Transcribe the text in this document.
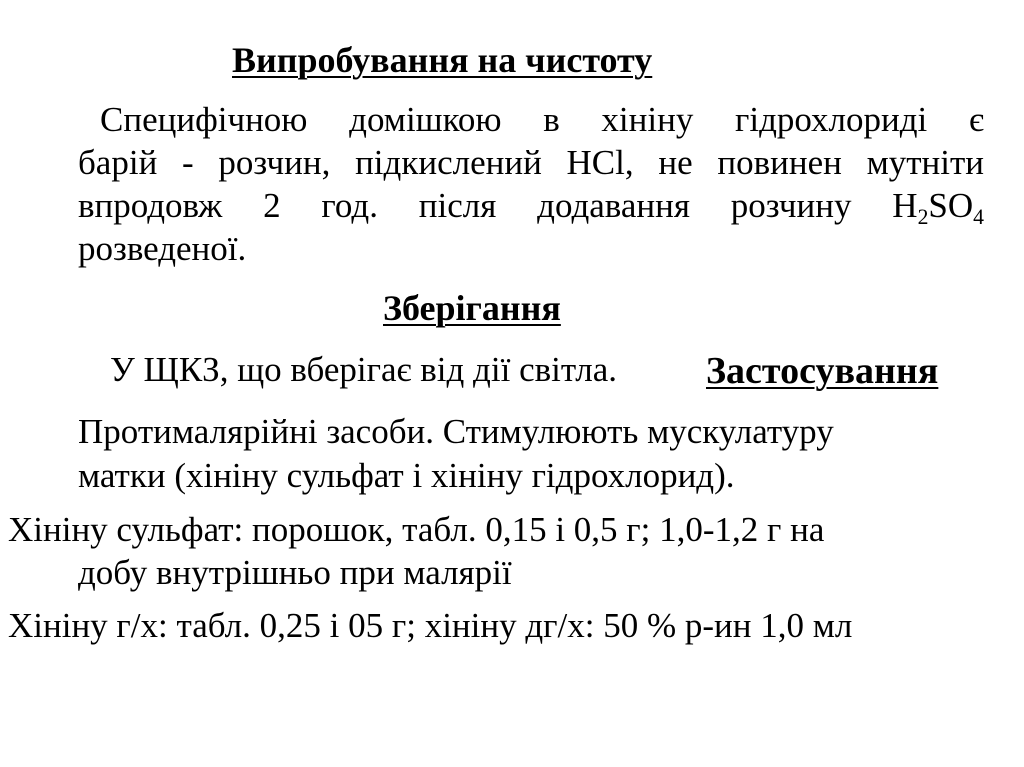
Випробування на чистоту

Специфічною домішкою в хініну гідрохлориді є

барій - розчин, підкислений HCl, не повинен мутніти

впродовж 2 год. після додавання розчину $H_2SO_4$

розведеної.

Зберігання

У ЩКЗ, що вберігає від дії світла. Застосування

Протималярійні засоби. Стимулюють мускулатуру

матки (хініну сульфат і хініну гідрохлорид).

Хініну сульфат: порошок, табл. 0,15 і 0,5 г; 1,0-1,2 г на

добу внутрішньо при малярії

Хініну г/х: табл. 0,25 і 05 г; хініну дг/х: 50 % р-ин 1,0 мл
